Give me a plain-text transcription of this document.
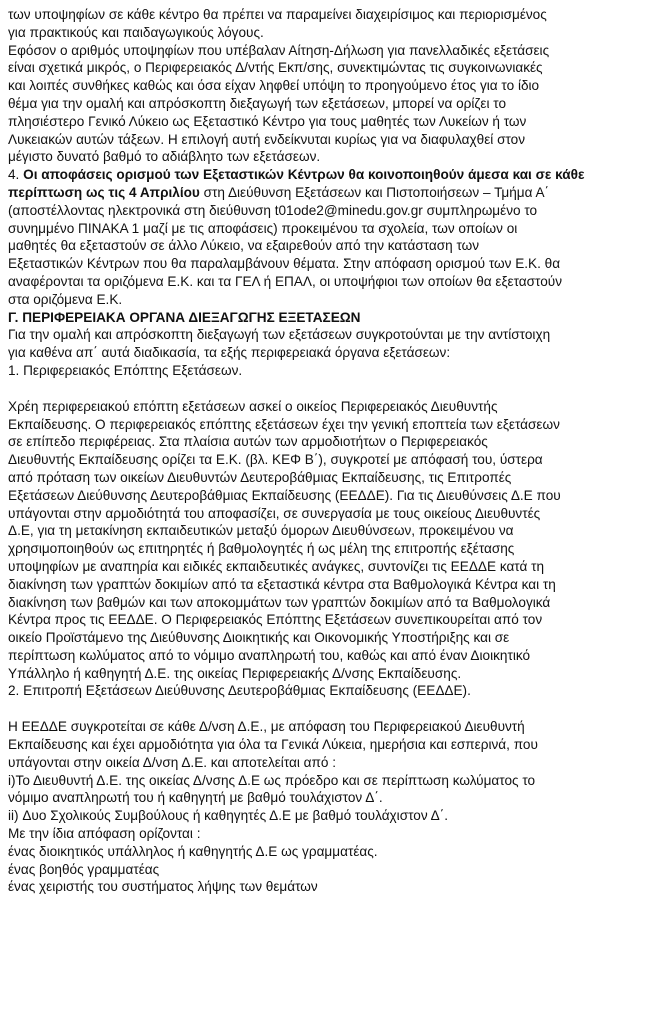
των υποψηφίων σε κάθε κέντρο θα πρέπει να παραμείνει διαχειρίσιμος και περιορισμένος
για πρακτικούς και παιδαγωγικούς λόγους.
Εφόσον ο αριθμός υποψηφίων που υπέβαλαν Αίτηση-Δήλωση για πανελλαδικές εξετάσεις
είναι σχετικά μικρός, ο Περιφερειακός Δ/ντής Εκπ/σης, συνεκτιμώντας τις συγκοινωνιακές
και λοιπές συνθήκες καθώς και όσα είχαν ληφθεί υπόψη το προηγούμενο έτος για το ίδιο
θέμα για την ομαλή και απρόσκοπτη διεξαγωγή των εξετάσεων, μπορεί να ορίζει το
πλησιέστερο Γενικό Λύκειο ως Εξεταστικό Κέντρο για τους μαθητές των Λυκείων ή των
Λυκειακών αυτών τάξεων. Η επιλογή αυτή ενδείκνυται κυρίως για να διαφυλαχθεί στον
μέγιστο δυνατό βαθμό το αδιάβλητο των εξετάσεων.
4. Οι αποφάσεις ορισμού των Εξεταστικών Κέντρων θα κοινοποιηθούν άμεσα και σε κάθε
περίπτωση ως τις 4 Απριλίου στη Διεύθυνση Εξετάσεων και Πιστοποιήσεων – Τμήμα Α΄
(αποστέλλοντας ηλεκτρονικά στη διεύθυνση t01ode2@minedu.gov.gr συμπληρωμένο το
συνημμένο ΠΙΝΑΚΑ 1 μαζί με τις αποφάσεις) προκειμένου τα σχολεία, των οποίων οι
μαθητές θα εξεταστούν σε άλλο Λύκειο, να εξαιρεθούν από την κατάσταση των
Εξεταστικών Κέντρων που θα παραλαμβάνουν θέματα. Στην απόφαση ορισμού των Ε.Κ. θα
αναφέρονται τα οριζόμενα Ε.Κ. και τα ΓΕΛ ή ΕΠΑΛ, οι υποψήφιοι των οποίων θα εξεταστούν
στα οριζόμενα Ε.Κ.
Γ. ΠΕΡΙΦΕΡΕΙΑΚΑ ΟΡΓΑΝΑ ΔΙΕΞΑΓΩΓΗΣ ΕΞΕΤΑΣΕΩΝ
Για την ομαλή και απρόσκοπτη διεξαγωγή των εξετάσεων συγκροτούνται με την αντίστοιχη
για καθένα απ΄ αυτά διαδικασία, τα εξής περιφερειακά όργανα εξετάσεων:
1. Περιφερειακός Επόπτης Εξετάσεων.
Χρέη περιφερειακού επόπτη εξετάσεων ασκεί ο οικείος Περιφερειακός Διευθυντής
Εκπαίδευσης. Ο περιφερειακός επόπτης εξετάσεων έχει την γενική εποπτεία των εξετάσεων
σε επίπεδο περιφέρειας. Στα πλαίσια αυτών των αρμοδιοτήτων ο Περιφερειακός
Διευθυντής Εκπαίδευσης ορίζει τα Ε.Κ. (βλ. ΚΕΦ Β΄), συγκροτεί με απόφασή του, ύστερα
από πρόταση των οικείων Διευθυντών Δευτεροβάθμιας Εκπαίδευσης, τις Επιτροπές
Εξετάσεων Διεύθυνσης Δευτεροβάθμιας Εκπαίδευσης (ΕΕΔΔΕ). Για τις Διευθύνσεις Δ.Ε που
υπάγονται στην αρμοδιότητά του αποφασίζει, σε συνεργασία με τους οικείους Διευθυντές
Δ.Ε, για τη μετακίνηση εκπαιδευτικών μεταξύ όμορων Διευθύνσεων, προκειμένου να
χρησιμοποιηθούν ως επιτηρητές ή βαθμολογητές ή ως μέλη της επιτροπής εξέτασης
υποψηφίων με αναπηρία και ειδικές εκπαιδευτικές ανάγκες, συντονίζει τις ΕΕΔΔΕ κατά τη
διακίνηση των γραπτών δοκιμίων από τα εξεταστικά κέντρα στα Βαθμολογικά Κέντρα και τη
διακίνηση των βαθμών και των αποκομμάτων των γραπτών δοκιμίων από τα Βαθμολογικά
Κέντρα προς τις ΕΕΔΔΕ. Ο Περιφερειακός Επόπτης Εξετάσεων συνεπικουρείται από τον
οικείο Προϊστάμενο της Διεύθυνσης Διοικητικής και Οικονομικής Υποστήριξης και σε
περίπτωση κωλύματος από το νόμιμο αναπληρωτή του, καθώς και από έναν Διοικητικό
Υπάλληλο ή καθηγητή Δ.Ε. της οικείας Περιφερειακής Δ/νσης Εκπαίδευσης.
2. Επιτροπή Εξετάσεων Διεύθυνσης Δευτεροβάθμιας Εκπαίδευσης (ΕΕΔΔΕ).
Η ΕΕΔΔΕ συγκροτείται σε κάθε Δ/νση Δ.Ε., με απόφαση του Περιφερειακού Διευθυντή
Εκπαίδευσης και έχει αρμοδιότητα για όλα τα Γενικά Λύκεια, ημερήσια και εσπερινά, που
υπάγονται στην οικεία Δ/νση Δ.Ε. και αποτελείται από :
i)Το Διευθυντή Δ.Ε. της οικείας Δ/νσης Δ.Ε ως πρόεδρο και σε περίπτωση κωλύματος το
νόμιμο αναπληρωτή του ή καθηγητή με βαθμό τουλάχιστον Δ΄.
ii) Δυο Σχολικούς Συμβούλους ή καθηγητές Δ.Ε με βαθμό τουλάχιστον Δ΄.
Με την ίδια απόφαση ορίζονται :
ένας διοικητικός υπάλληλος ή καθηγητής Δ.Ε ως γραμματέας.
ένας βοηθός γραμματέας
ένας χειριστής του συστήματος λήψης των θεμάτων
